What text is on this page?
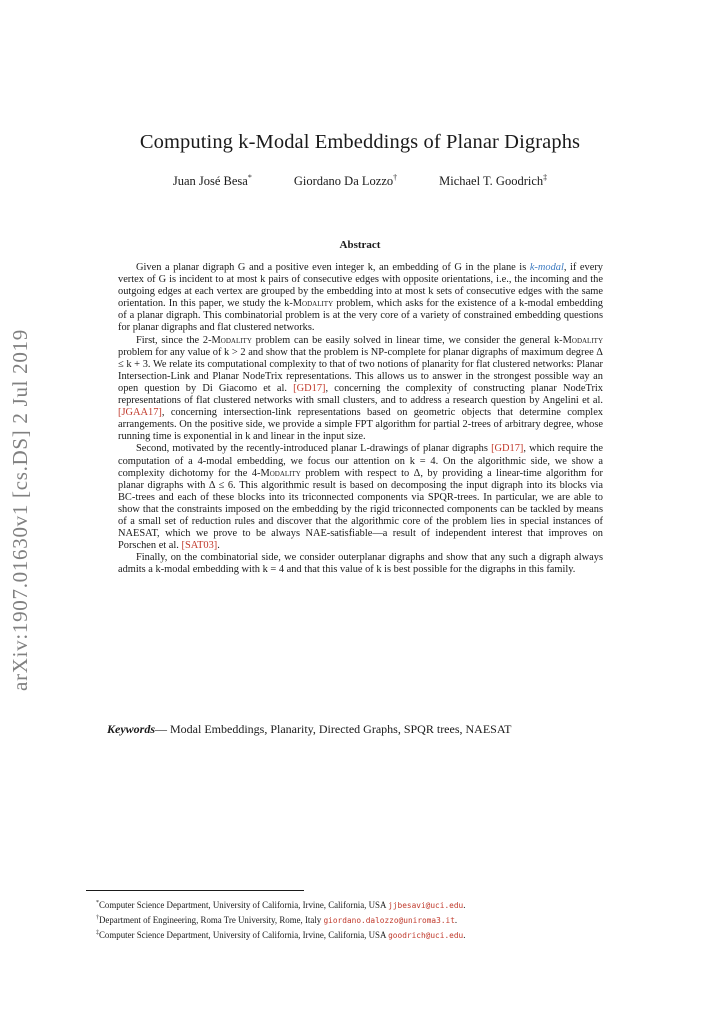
arXiv:1907.01630v1 [cs.DS] 2 Jul 2019
Computing k-Modal Embeddings of Planar Digraphs
Juan José Besa*	Giordano Da Lozzo†	Michael T. Goodrich‡
Abstract

Given a planar digraph G and a positive even integer k, an embedding of G in the plane is k-modal, if every vertex of G is incident to at most k pairs of consecutive edges with opposite orientations, i.e., the incoming and the outgoing edges at each vertex are grouped by the embedding into at most k sets of consecutive edges with the same orientation. In this paper, we study the k-Modality problem, which asks for the existence of a k-modal embedding of a planar digraph. This combinatorial problem is at the very core of a variety of constrained embedding questions for planar digraphs and flat clustered networks.

First, since the 2-Modality problem can be easily solved in linear time, we consider the general k-Modality problem for any value of k > 2 and show that the problem is NP-complete for planar digraphs of maximum degree Δ ≤ k + 3. We relate its computational complexity to that of two notions of planarity for flat clustered networks: Planar Intersection-Link and Planar NodeTrix representations. This allows us to answer in the strongest possible way an open question by Di Giacomo et al. [GD17], concerning the complexity of constructing planar NodeTrix representations of flat clustered networks with small clusters, and to address a research question by Angelini et al. [JGAA17], concerning intersection-link representations based on geometric objects that determine complex arrangements. On the positive side, we provide a simple FPT algorithm for partial 2-trees of arbitrary degree, whose running time is exponential in k and linear in the input size.

Second, motivated by the recently-introduced planar L-drawings of planar digraphs [GD17], which require the computation of a 4-modal embedding, we focus our attention on k = 4. On the algorithmic side, we show a complexity dichotomy for the 4-Modality problem with respect to Δ, by providing a linear-time algorithm for planar digraphs with Δ ≤ 6. This algorithmic result is based on decomposing the input digraph into its blocks via BC-trees and each of these blocks into its triconnected components via SPQR-trees. In particular, we are able to show that the constraints imposed on the embedding by the rigid triconnected components can be tackled by means of a small set of reduction rules and discover that the algorithmic core of the problem lies in special instances of NAESAT, which we prove to be always NAE-satisfiable—a result of independent interest that improves on Porschen et al. [SAT03].

Finally, on the combinatorial side, we consider outerplanar digraphs and show that any such a digraph always admits a k-modal embedding with k = 4 and that this value of k is best possible for the digraphs in this family.

Keywords— Modal Embeddings, Planarity, Directed Graphs, SPQR trees, NAESAT
*Computer Science Department, University of California, Irvine, California, USA jjbesavi@uci.edu.
†Department of Engineering, Roma Tre University, Rome, Italy giordano.dalozzo@uniroma3.it.
‡Computer Science Department, University of California, Irvine, California, USA goodrich@uci.edu.
